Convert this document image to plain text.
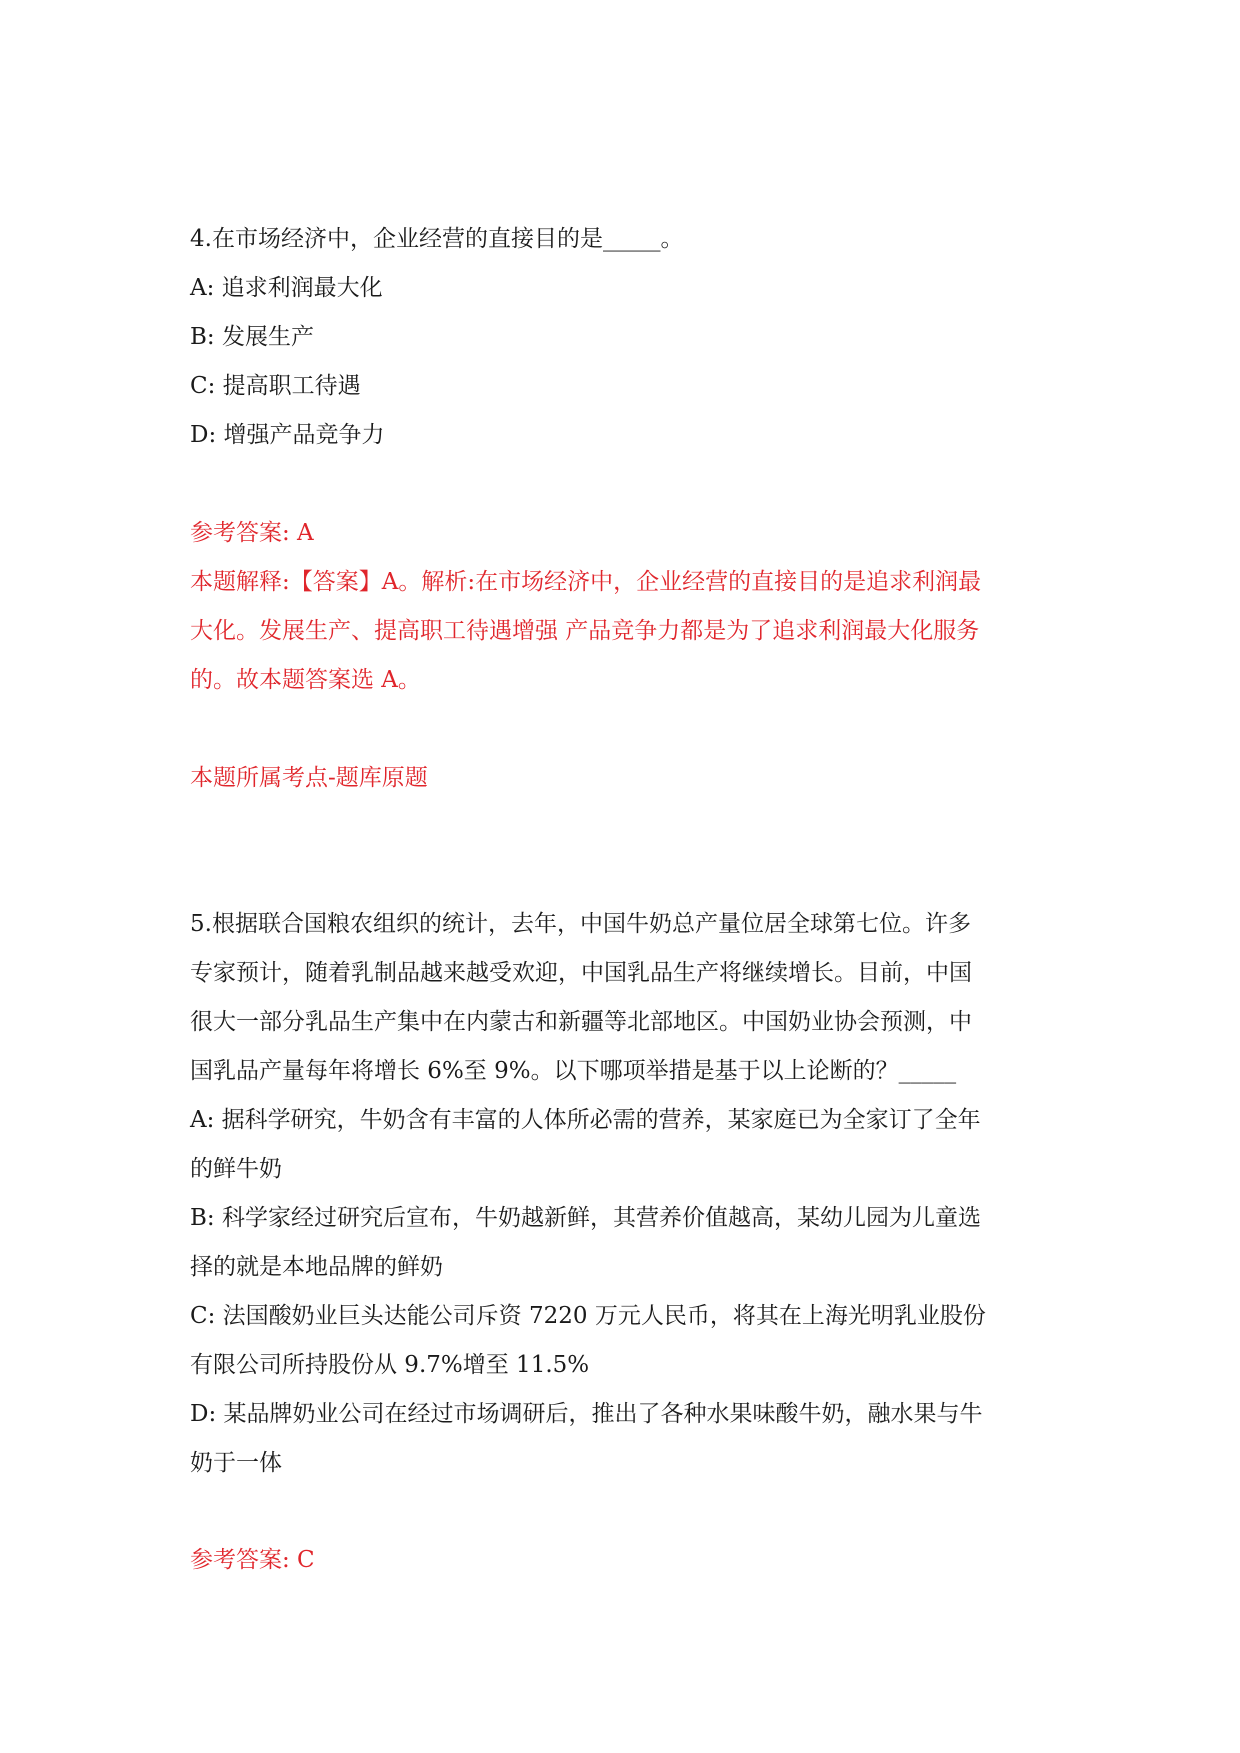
4.在市场经济中，企业经营的直接目的是_____。

A: 追求利润最大化

B: 发展生产

C: 提高职工待遇

D: 增强产品竞争力

参考答案: A

本题解释:【答案】A。解析:在市场经济中，企业经营的直接目的是追求利润最

大化。发展生产、提高职工待遇增强 产品竞争力都是为了追求利润最大化服务

的。故本题答案选 A。

本题所属考点-题库原题

5.根据联合国粮农组织的统计，去年，中国牛奶总产量位居全球第七位。许多

专家预计，随着乳制品越来越受欢迎，中国乳品生产将继续增长。目前，中国

很大一部分乳品生产集中在内蒙古和新疆等北部地区。中国奶业协会预测，中

国乳品产量每年将增长 6%至 9%。以下哪项举措是基于以上论断的？_____

A: 据科学研究，牛奶含有丰富的人体所必需的营养，某家庭已为全家订了全年

的鲜牛奶

B: 科学家经过研究后宣布，牛奶越新鲜，其营养价值越高，某幼儿园为儿童选

择的就是本地品牌的鲜奶

C: 法国酸奶业巨头达能公司斥资 7220 万元人民币，将其在上海光明乳业股份

有限公司所持股份从 9.7%增至 11.5%

D: 某品牌奶业公司在经过市场调研后，推出了各种水果味酸牛奶，融水果与牛

奶于一体

参考答案: C
